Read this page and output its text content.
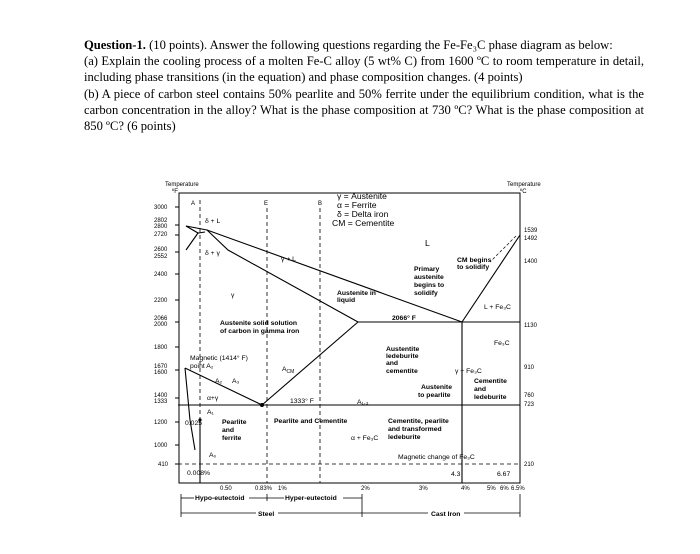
Question-1. (10 points). Answer the following questions regarding the Fe-Fe₃C phase diagram as below:

(a) Explain the cooling process of a molten Fe-C alloy (5 wt% C) from 1600 ºC to room temperature in detail, including phase transitions (in the equation) and phase composition changes. (4 points)

(b) A piece of carbon steel contains 50% pearlite and 50% ferrite under the equilibrium condition, what is the carbon concentration in the alloy? What is the phase composition at 730 ºC? What is the phase composition at 850 ºC? (6 points)

Temperature
ºF
Temperature
ºC
3000
2802
2800
2720
2600
2552
2400
2200
2066
2000
1800
1670
1600
1400
1333
1200
1000
410
1539
1492
1400
1130
910
760
723
210
γ = Austenite
α = Ferrite
δ = Delta iron
CM = Cementite
A	E	B
L
δ + L
δ + γ
γ + L
γ
Austenite solid solution
of carbon in gamma iron
Austenite in
liquid
Primary
austenite
begins to
solidify
CM begins
to solidify
L + Fe₃C
2066° F
Magnetic (1414° F)
point A₂	$A_{CM}$
A₂ A₃
α+γ
A₁
1333° F
Austentite
ledeburite
and
cementite	γ + Fe₃C
Fe₃C
Austenite
to pearlite
A₁,₃
Cementite
and
ledeburite
0.025	Pearlite
and
ferrite
Pearlite and Cementite	Cementite, pearlite
and transformed
ledeburite
α + Fe₃C
A₀
0.008%
Magnetic change of Fe₃C
4.3	6.67
0.50	0.83% 1%	2%	3%	4%	5% 6% 6.5%
Hypo-eutectoid	Hyper-eutectoid
Steel	Cast Iron
